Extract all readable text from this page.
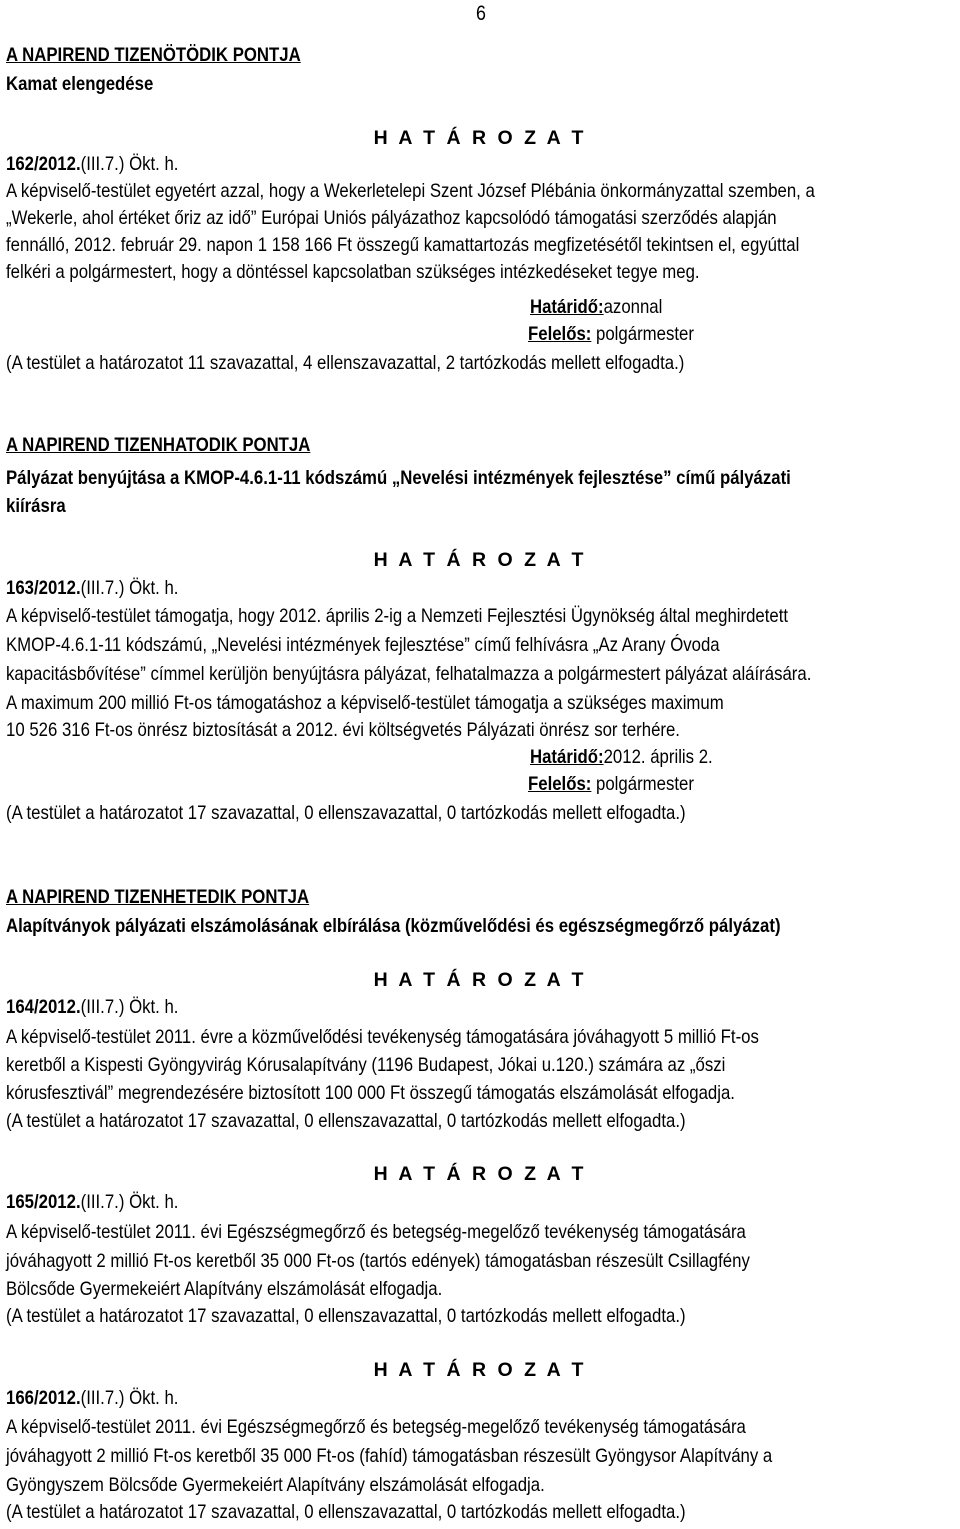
6
A NAPIREND TIZENÖTÖDIK PONTJA
Kamat elengedése
H A T Á R O Z A T
162/2012.(III.7.) Ökt. h.
A képviselő-testület egyetért azzal, hogy a Wekerletelepi Szent József Plébánia önkormányzattal szemben, a
„Wekerle, ahol értéket őriz az idő” Európai Uniós pályázathoz kapcsolódó támogatási szerződés alapján
fennálló, 2012. február 29. napon 1 158 166 Ft összegű kamattartozás megfizetésétől tekintsen el, egyúttal
felkéri a polgármestert, hogy a döntéssel kapcsolatban szükséges intézkedéseket tegye meg.
Határidő:azonnal
Felelős: polgármester
(A testület a határozatot 11 szavazattal, 4 ellenszavazattal, 2 tartózkodás mellett elfogadta.)
A NAPIREND TIZENHATODIK PONTJA
Pályázat benyújtása a KMOP-4.6.1-11 kódszámú „Nevelési intézmények fejlesztése” című pályázati
kiírásra
H A T Á R O Z A T
163/2012.(III.7.) Ökt. h.
A képviselő-testület támogatja, hogy 2012. április 2-ig a Nemzeti Fejlesztési Ügynökség által meghirdetett
KMOP-4.6.1-11 kódszámú, „Nevelési intézmények fejlesztése” című felhívásra „Az Arany Óvoda
kapacitásbővítése” címmel kerüljön benyújtásra pályázat, felhatalmazza a polgármestert pályázat aláírására.
A maximum 200 millió Ft-os támogatáshoz a képviselő-testület támogatja a szükséges maximum
10 526 316 Ft-os önrész biztosítását a 2012. évi költségvetés Pályázati önrész sor terhére.
Határidő:2012. április 2.
Felelős: polgármester
(A testület a határozatot 17 szavazattal, 0 ellenszavazattal, 0 tartózkodás mellett elfogadta.)
A NAPIREND TIZENHETEDIK PONTJA
Alapítványok pályázati elszámolásának elbírálása (közművelődési és egészségmegőrző pályázat)
H A T Á R O Z A T
164/2012.(III.7.) Ökt. h.
A képviselő-testület 2011. évre a közművelődési tevékenység támogatására jóváhagyott 5 millió Ft-os
keretből a Kispesti Gyöngyvirág Kórusalapítvány (1196 Budapest, Jókai u.120.) számára az „őszi
kórusfesztivál” megrendezésére biztosított 100 000 Ft összegű támogatás elszámolását elfogadja.
(A testület a határozatot 17 szavazattal, 0 ellenszavazattal, 0 tartózkodás mellett elfogadta.)
H A T Á R O Z A T
165/2012.(III.7.) Ökt. h.
A képviselő-testület 2011. évi Egészségmegőrző és betegség-megelőző tevékenység támogatására
jóváhagyott 2 millió Ft-os keretből 35 000 Ft-os (tartós edények) támogatásban részesült Csillagfény
Bölcsőde Gyermekeiért Alapítvány elszámolását elfogadja.
(A testület a határozatot 17 szavazattal, 0 ellenszavazattal, 0 tartózkodás mellett elfogadta.)
H A T Á R O Z A T
166/2012.(III.7.) Ökt. h.
A képviselő-testület 2011. évi Egészségmegőrző és betegség-megelőző tevékenység támogatására
jóváhagyott 2 millió Ft-os keretből 35 000 Ft-os (fahíd) támogatásban részesült Gyöngysor Alapítvány a
Gyöngyszem Bölcsőde Gyermekeiért Alapítvány elszámolását elfogadja.
(A testület a határozatot 17 szavazattal, 0 ellenszavazattal, 0 tartózkodás mellett elfogadta.)
